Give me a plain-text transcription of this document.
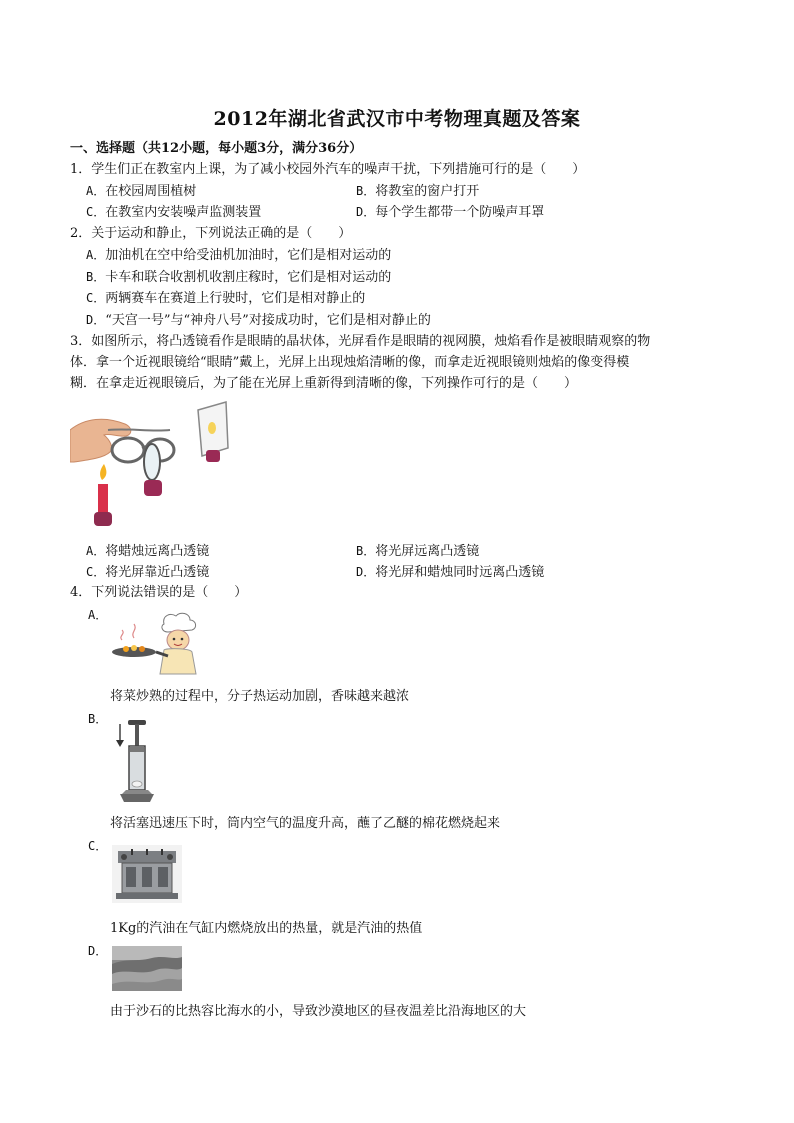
2012年湖北省武汉市中考物理真题及答案
一、选择题（共12小题，每小题3分，满分36分）
1．学生们正在教室内上课，为了减小校园外汽车的噪声干扰，下列措施可行的是（　　）
A．在校园周围植树	B．将教室的窗户打开
C．在教室内安装噪声监测装置	D．每个学生都带一个防噪声耳罩
2．关于运动和静止，下列说法正确的是（　　）
A．加油机在空中给受油机加油时，它们是相对运动的
B．卡车和联合收割机收割庄稼时，它们是相对运动的
C．两辆赛车在赛道上行驶时，它们是相对静止的
D．“天宫一号”与“神舟八号”对接成功时，它们是相对静止的
3．如图所示，将凸透镜看作是眼睛的晶状体，光屏看作是眼睛的视网膜，烛焰看作是被眼睛观察的物
体．拿一个近视眼镜给“眼睛”戴上，光屏上出现烛焰清晰的像，而拿走近视眼镜则烛焰的像变得模
糊．在拿走近视眼镜后，为了能在光屏上重新得到清晰的像，下列操作可行的是（　　）
A．将蜡烛远离凸透镜	B．将光屏远离凸透镜
C．将光屏靠近凸透镜	D．将光屏和蜡烛同时远离凸透镜
4．下列说法错误的是（　　）
A．
将菜炒熟的过程中，分子热运动加剧，香味越来越浓
B．
将活塞迅速压下时，筒内空气的温度升高，蘸了乙醚的棉花燃烧起来
C．
1Kg的汽油在气缸内燃烧放出的热量，就是汽油的热值
D．
由于沙石的比热容比海水的小，导致沙漠地区的昼夜温差比沿海地区的大
